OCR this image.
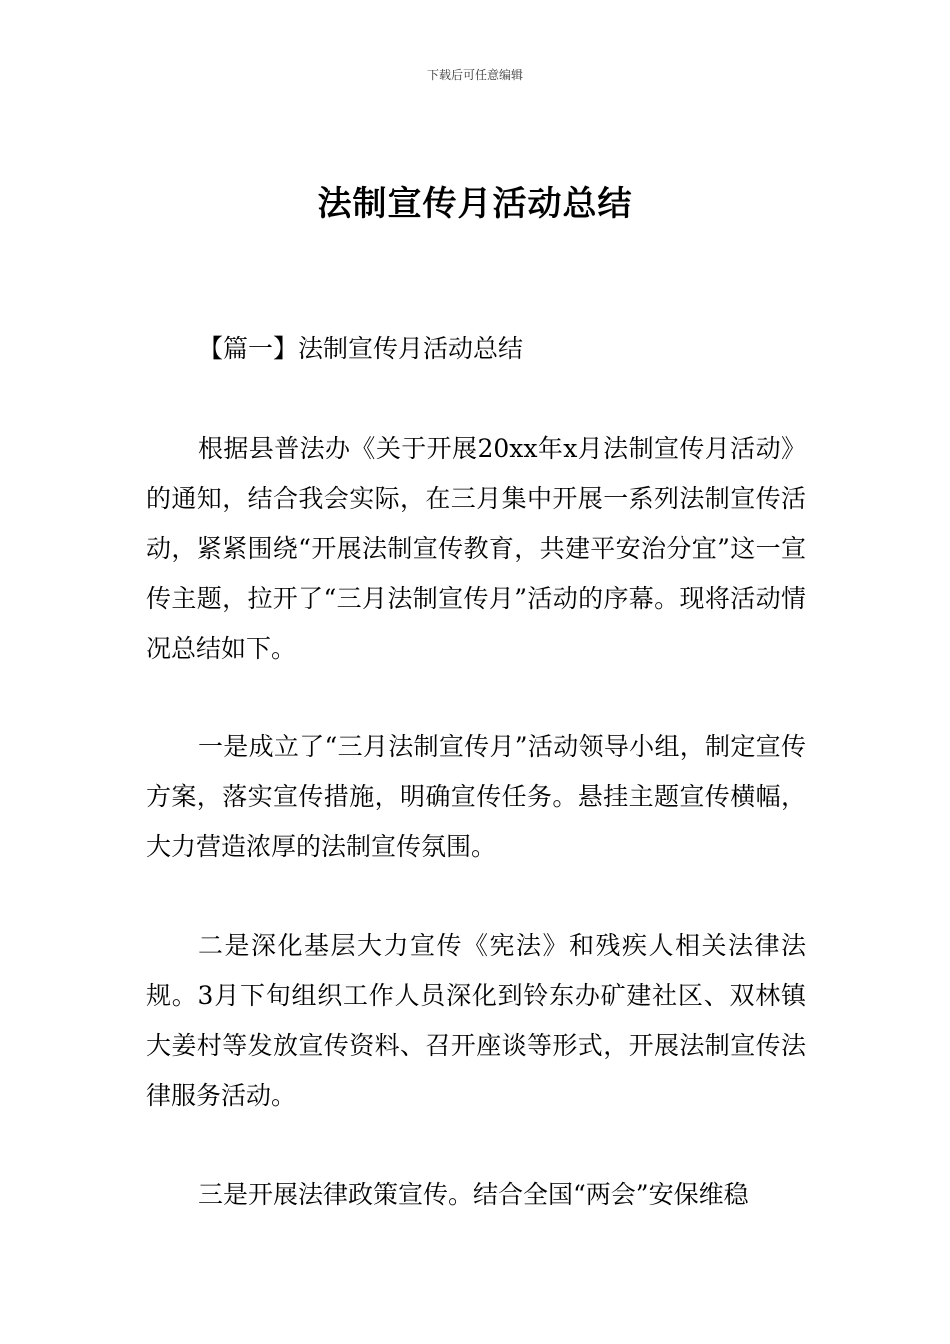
下载后可任意编辑
法制宣传月活动总结
【篇一】法制宣传月活动总结

根据县普法办《关于开展20xx年x月法制宣传月活动》的通知，结合我会实际，在三月集中开展一系列法制宣传活动，紧紧围绕“开展法制宣传教育，共建平安治分宜”这一宣传主题，拉开了“三月法制宣传月”活动的序幕。现将活动情况总结如下。

一是成立了“三月法制宣传月”活动领导小组，制定宣传方案，落实宣传措施，明确宣传任务。悬挂主题宣传横幅，大力营造浓厚的法制宣传氛围。

二是深化基层大力宣传《宪法》和残疾人相关法律法规。3月下旬组织工作人员深化到铃东办矿建社区、双林镇大姜村等发放宣传资料、召开座谈等形式，开展法制宣传法律服务活动。

三是开展法律政策宣传。结合全国“两会”安保维稳
